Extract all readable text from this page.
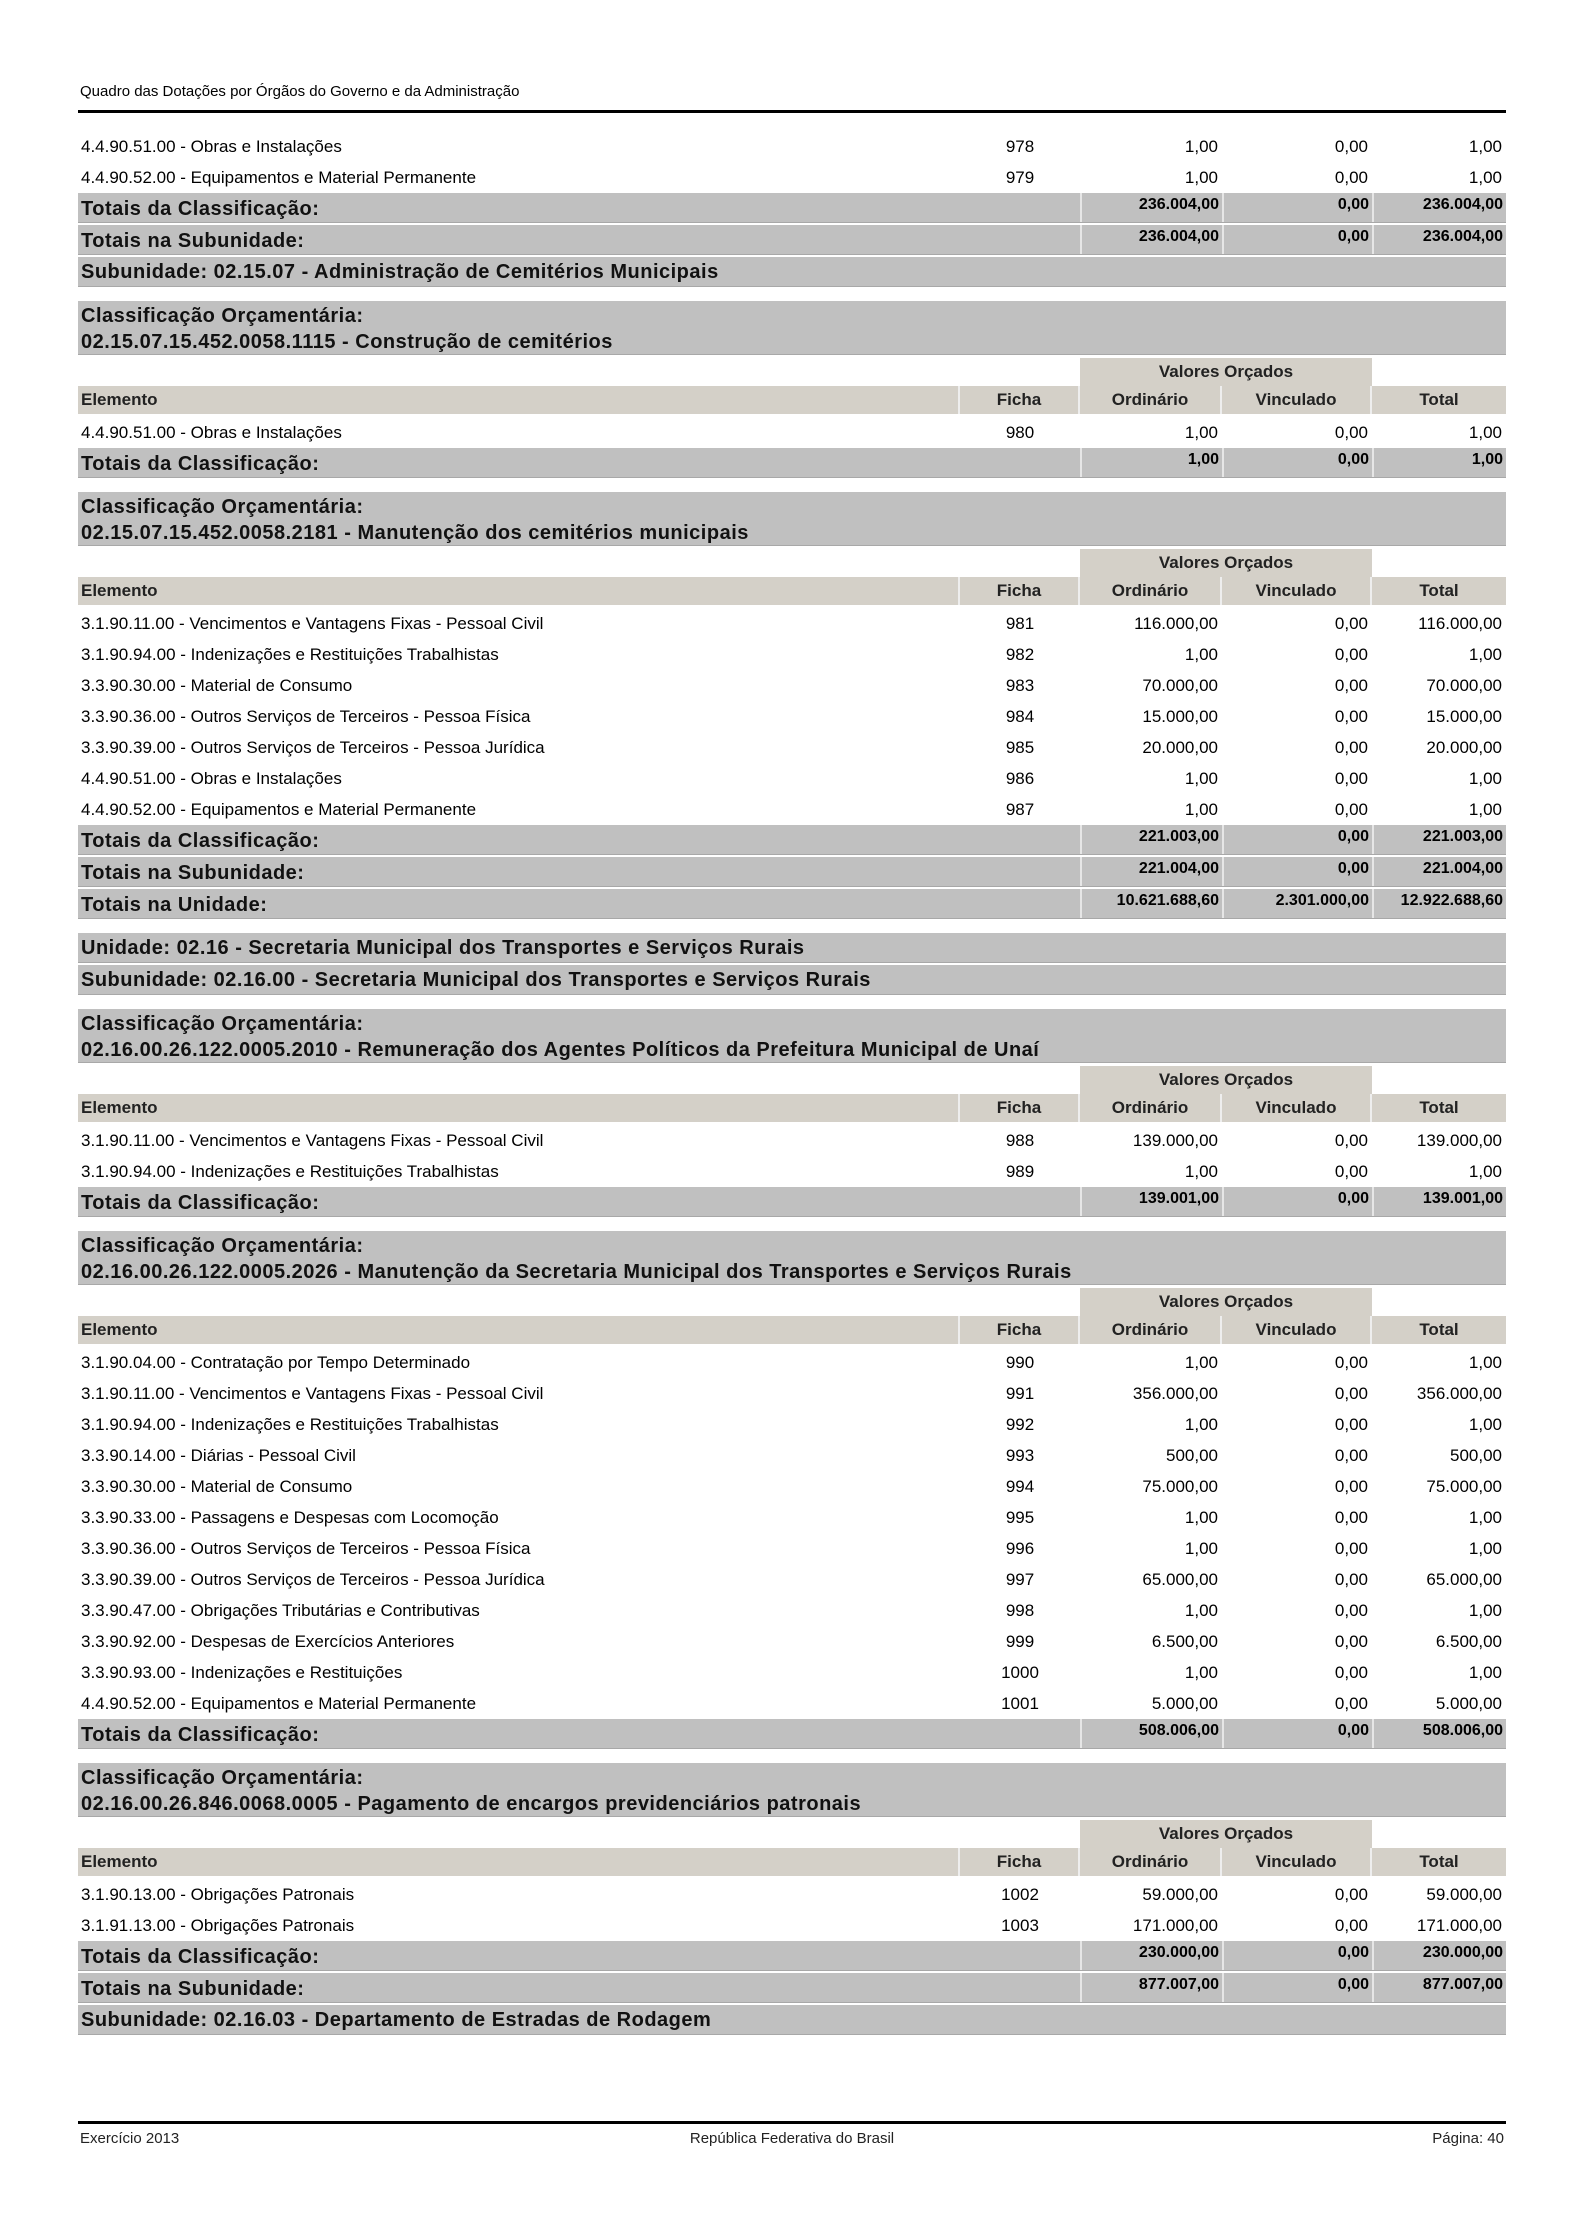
Quadro das Dotações por Órgãos do Governo e da Administração
4.4.90.51.00 - Obras e Instalações	978	1,00	0,00	1,00
4.4.90.52.00 - Equipamentos e Material Permanente	979	1,00	0,00	1,00
Totais da Classificação:	236.004,00	0,00	236.004,00
Totais na Subunidade:	236.004,00	0,00	236.004,00
Subunidade: 02.15.07 - Administração de Cemitérios Municipais
Classificação Orçamentária:
02.15.07.15.452.0058.1115 - Construção de cemitérios
Valores Orçados
Elemento	Ficha	Ordinário	Vinculado	Total
4.4.90.51.00 - Obras e Instalações	980	1,00	0,00	1,00
Totais da Classificação:	1,00	0,00	1,00
Classificação Orçamentária:
02.15.07.15.452.0058.2181 - Manutenção dos cemitérios municipais
Valores Orçados
Elemento	Ficha	Ordinário	Vinculado	Total
3.1.90.11.00 - Vencimentos e Vantagens Fixas - Pessoal Civil	981	116.000,00	0,00	116.000,00
3.1.90.94.00 - Indenizações e Restituições Trabalhistas	982	1,00	0,00	1,00
3.3.90.30.00 - Material de Consumo	983	70.000,00	0,00	70.000,00
3.3.90.36.00 - Outros Serviços de Terceiros - Pessoa Física	984	15.000,00	0,00	15.000,00
3.3.90.39.00 - Outros Serviços de Terceiros - Pessoa Jurídica	985	20.000,00	0,00	20.000,00
4.4.90.51.00 - Obras e Instalações	986	1,00	0,00	1,00
4.4.90.52.00 - Equipamentos e Material Permanente	987	1,00	0,00	1,00
Totais da Classificação:	221.003,00	0,00	221.003,00
Totais na Subunidade:	221.004,00	0,00	221.004,00
Totais na Unidade:	10.621.688,60	2.301.000,00	12.922.688,60
Unidade: 02.16 - Secretaria Municipal dos Transportes e Serviços Rurais
Subunidade: 02.16.00 - Secretaria Municipal dos Transportes e Serviços Rurais
Classificação Orçamentária:
02.16.00.26.122.0005.2010 - Remuneração dos Agentes Políticos da Prefeitura Municipal de Unaí
Valores Orçados
Elemento	Ficha	Ordinário	Vinculado	Total
3.1.90.11.00 - Vencimentos e Vantagens Fixas - Pessoal Civil	988	139.000,00	0,00	139.000,00
3.1.90.94.00 - Indenizações e Restituições Trabalhistas	989	1,00	0,00	1,00
Totais da Classificação:	139.001,00	0,00	139.001,00
Classificação Orçamentária:
02.16.00.26.122.0005.2026 - Manutenção da Secretaria Municipal dos Transportes e Serviços Rurais
Valores Orçados
Elemento	Ficha	Ordinário	Vinculado	Total
3.1.90.04.00 - Contratação por Tempo Determinado	990	1,00	0,00	1,00
3.1.90.11.00 - Vencimentos e Vantagens Fixas - Pessoal Civil	991	356.000,00	0,00	356.000,00
3.1.90.94.00 - Indenizações e Restituições Trabalhistas	992	1,00	0,00	1,00
3.3.90.14.00 - Diárias - Pessoal Civil	993	500,00	0,00	500,00
3.3.90.30.00 - Material de Consumo	994	75.000,00	0,00	75.000,00
3.3.90.33.00 - Passagens e Despesas com Locomoção	995	1,00	0,00	1,00
3.3.90.36.00 - Outros Serviços de Terceiros - Pessoa Física	996	1,00	0,00	1,00
3.3.90.39.00 - Outros Serviços de Terceiros - Pessoa Jurídica	997	65.000,00	0,00	65.000,00
3.3.90.47.00 - Obrigações Tributárias e Contributivas	998	1,00	0,00	1,00
3.3.90.92.00 - Despesas de Exercícios Anteriores	999	6.500,00	0,00	6.500,00
3.3.90.93.00 - Indenizações e Restituições	1000	1,00	0,00	1,00
4.4.90.52.00 - Equipamentos e Material Permanente	1001	5.000,00	0,00	5.000,00
Totais da Classificação:	508.006,00	0,00	508.006,00
Classificação Orçamentária:
02.16.00.26.846.0068.0005 - Pagamento de encargos previdenciários patronais
Valores Orçados
Elemento	Ficha	Ordinário	Vinculado	Total
3.1.90.13.00 - Obrigações Patronais	1002	59.000,00	0,00	59.000,00
3.1.91.13.00 - Obrigações Patronais	1003	171.000,00	0,00	171.000,00
Totais da Classificação:	230.000,00	0,00	230.000,00
Totais na Subunidade:	877.007,00	0,00	877.007,00
Subunidade: 02.16.03 - Departamento de Estradas de Rodagem
Exercício 2013	República Federativa do Brasil	Página: 40
